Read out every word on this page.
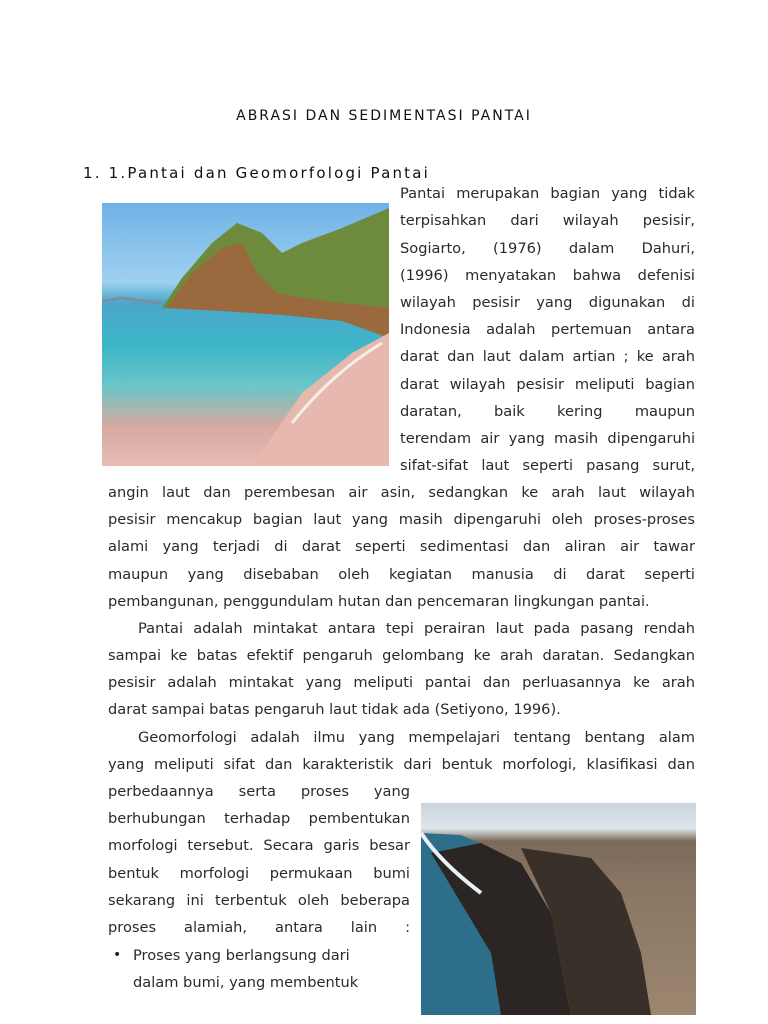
ABRASI DAN SEDIMENTASI PANTAI
1. 1.Pantai dan Geomorfologi Pantai
Pantai merupakan bagian yang tidak
terpisahkan dari wilayah pesisir,
Sogiarto, (1976) dalam Dahuri,
(1996) menyatakan bahwa defenisi
wilayah pesisir yang digunakan di
Indonesia adalah pertemuan antara
darat dan laut dalam artian ; ke arah
darat wilayah pesisir meliputi bagian
daratan, baik kering maupun
terendam air yang masih dipengaruhi
sifat-sifat laut seperti pasang surut,
angin laut dan perembesan air asin, sedangkan ke arah laut wilayah
pesisir mencakup bagian laut yang masih dipengaruhi oleh proses-proses
alami yang terjadi di darat seperti sedimentasi dan aliran air tawar
maupun yang disebaban oleh kegiatan manusia di darat seperti
pembangunan, penggundulam hutan dan pencemaran lingkungan pantai.
Pantai adalah mintakat antara tepi perairan laut pada pasang rendah
sampai ke batas efektif pengaruh gelombang ke arah daratan. Sedangkan
pesisir adalah mintakat yang meliputi pantai dan perluasannya ke arah
darat sampai batas pengaruh laut tidak ada (Setiyono, 1996).
Geomorfologi adalah ilmu yang mempelajari tentang bentang alam
yang meliputi sifat dan karakteristik dari bentuk morfologi, klasifikasi dan
perbedaannya serta proses yang
berhubungan terhadap pembentukan
morfologi tersebut. Secara garis besar
bentuk morfologi permukaan bumi
sekarang ini terbentuk oleh beberapa
proses alamiah, antara lain :
• Proses yang berlangsung dari
dalam bumi, yang membentuk
